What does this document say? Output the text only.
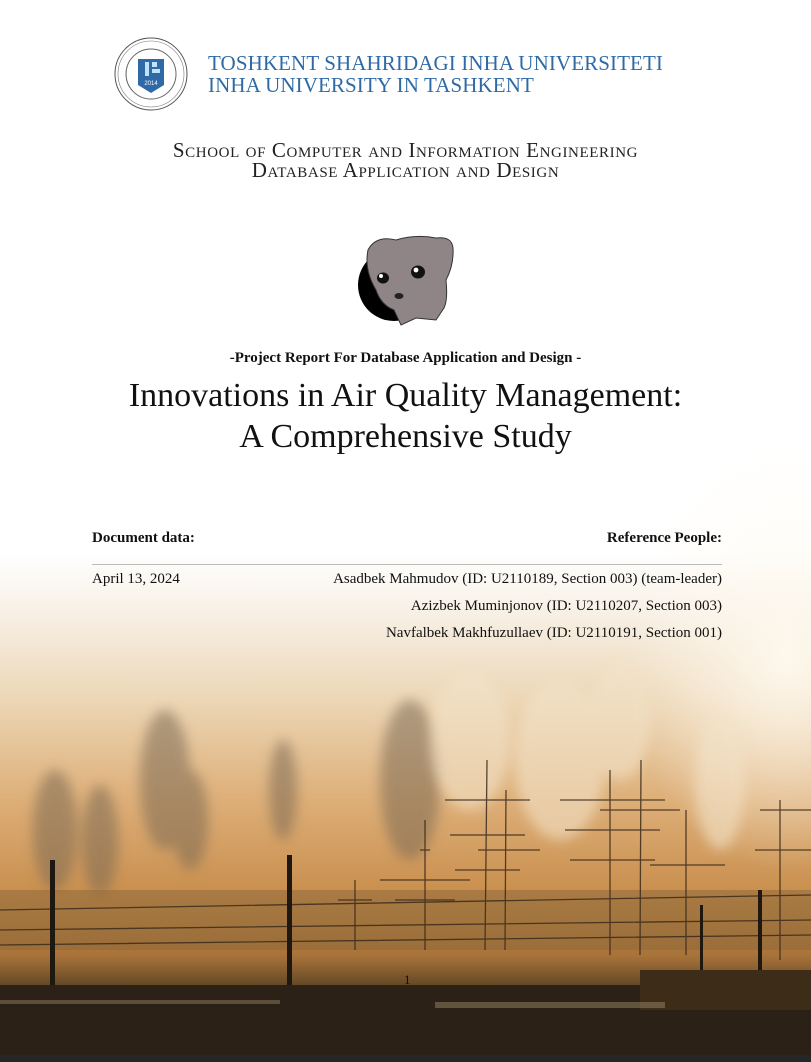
2014
TOSHKENT SHAHRIDAGI INHA UNIVERSITETI
INHA UNIVERSITY IN TASHKENT
School of Computer and Information Engineering
Database Application and Design
-Project Report For Database Application and Design -
Innovations in Air Quality Management:
A Comprehensive Study
Document data:	Reference People:
April 13, 2024	Asadbek Mahmudov (ID: U2110189, Section 003) (team-leader)
Azizbek Muminjonov (ID: U2110207, Section 003)
Navfalbek Makhfuzullaev (ID: U2110191, Section 001)
1
